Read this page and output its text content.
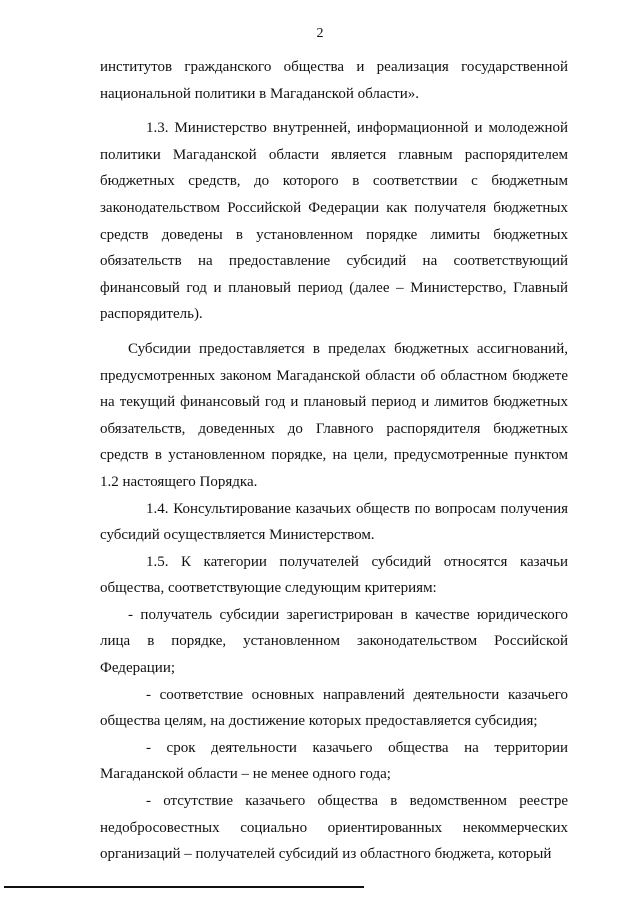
2

институтов гражданского общества и реализация государственной национальной политики в Магаданской области».

1.3. Министерство внутренней, информационной и молодежной политики Магаданской области является главным распорядителем бюджетных средств, до которого в соответствии с бюджетным законодательством Российской Федерации как получателя бюджетных средств доведены в установленном порядке лимиты бюджетных обязательств на предоставление субсидий на соответствующий финансовый год и плановый период (далее – Министерство, Главный распорядитель).

Субсидии предоставляется в пределах бюджетных ассигнований, предусмотренных законом Магаданской области об областном бюджете на текущий финансовый год и плановый период и лимитов бюджетных обязательств, доведенных до Главного распорядителя бюджетных средств в установленном порядке, на цели, предусмотренные пунктом 1.2 настоящего Порядка.

1.4. Консультирование казачьих обществ по вопросам получения субсидий осуществляется Министерством.

1.5. К категории получателей субсидий относятся казачьи общества, соответствующие следующим критериям:

- получатель субсидии зарегистрирован в качестве юридического лица в порядке, установленном законодательством Российской Федерации;

- соответствие основных направлений деятельности казачьего общества целям, на достижение которых предоставляется субсидия;

- срок деятельности казачьего общества на территории Магаданской области – не менее одного года;

- отсутствие казачьего общества в ведомственном реестре недобросовестных социально ориентированных некоммерческих организаций – получателей субсидий из областного бюджета, который
